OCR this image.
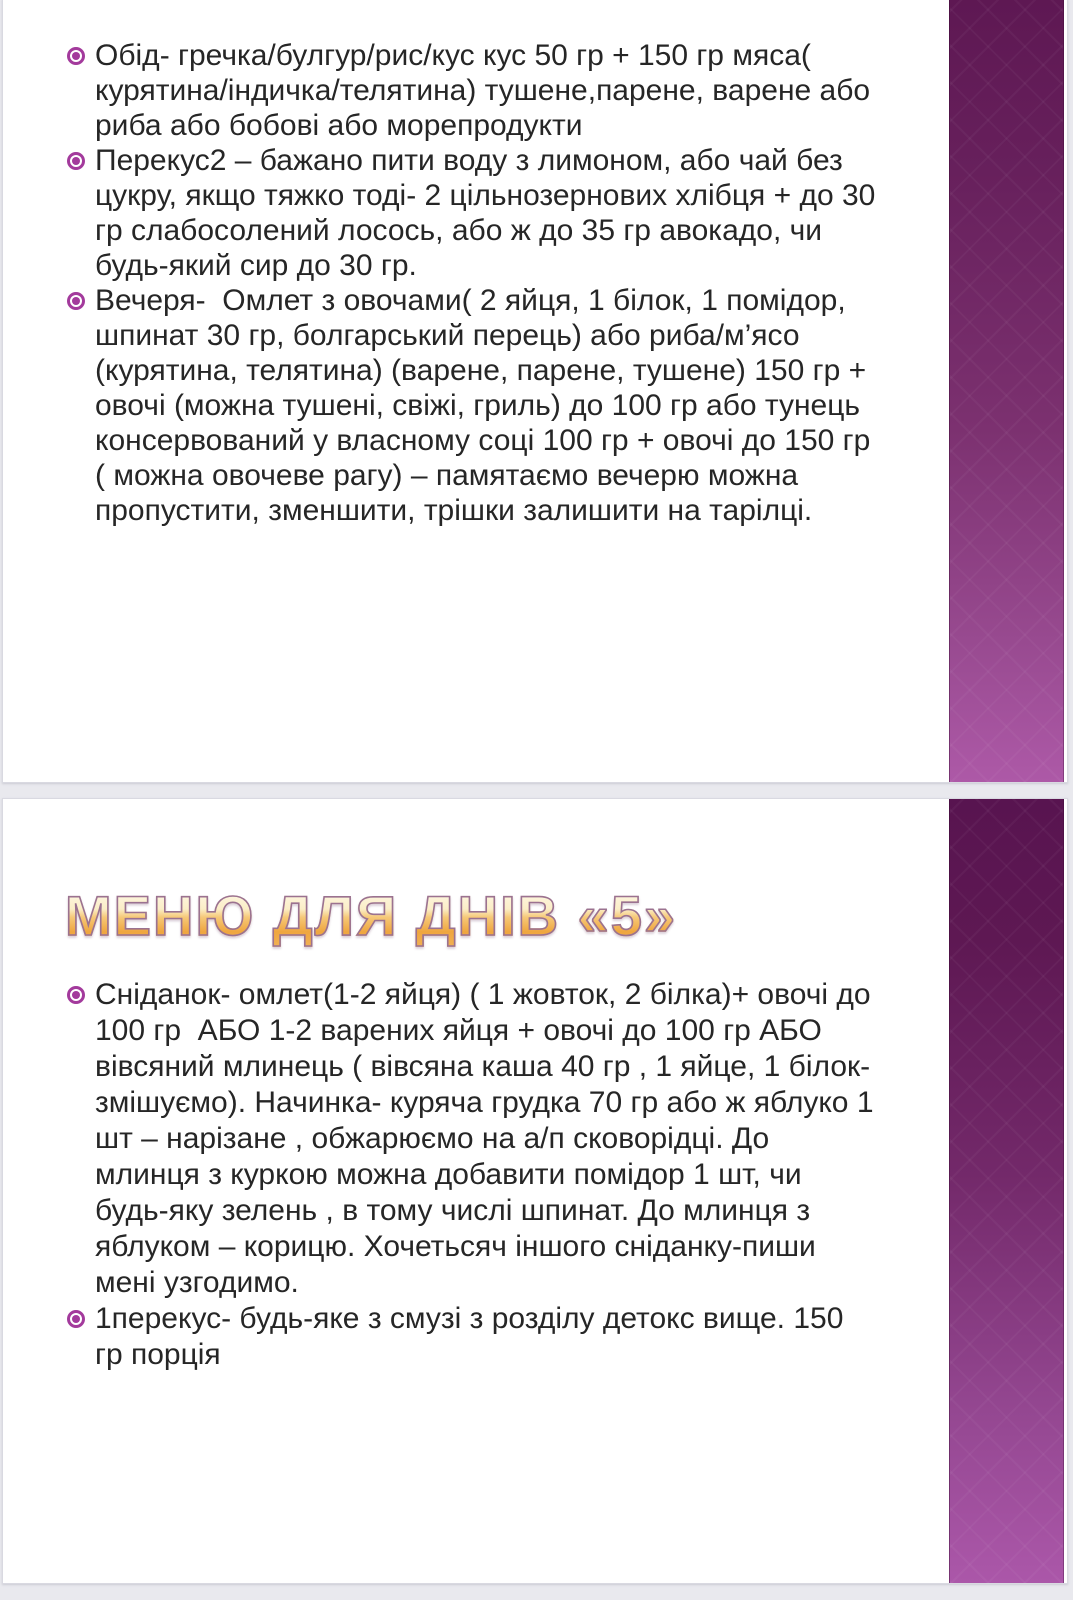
Обід- гречка/булгур/рис/кус кус 50 гр + 150 гр мяса( курятина/індичка/телятина) тушене,парене, варене або риба або бобові або морепродукти
Перекус2 – бажано пити воду з лимоном, або чай без цукру, якщо тяжко тоді- 2 цільнозернових хлібця + до 30 гр слабосолений лосось, або ж до 35 гр авокадо, чи будь-який сир до 30 гр.
Вечеря-  Омлет з овочами( 2 яйця, 1 білок, 1 помідор, шпинат 30 гр, болгарський перець) або риба/м’ясо (курятина, телятина) (варене, парене, тушене) 150 гр + овочі (можна тушені, свіжі, гриль) до 100 гр або тунець консервований у власному соці 100 гр + овочі до 150 гр ( можна овочеве рагу) – памятаємо вечерю можна пропустити, зменшити, трішки залишити на тарілці.
МЕНЮ ДЛЯ ДНІВ «5»
Сніданок- омлет(1-2 яйця) ( 1 жовток, 2 білка)+ овочі до 100 гр  АБО 1-2 варених яйця + овочі до 100 гр АБО вівсяний млинець ( вівсяна каша 40 гр , 1 яйце, 1 білок- змішуємо). Начинка- куряча грудка 70 гр або ж яблуко 1 шт – нарізане , обжарюємо на а/п сковорідці. До млинця з куркою можна добавити помідор 1 шт, чи будь-яку зелень , в тому числі шпинат. До млинця з яблуком – корицю. Хочетьсяч іншого сніданку-пиши мені узгодимо.
1перекус- будь-яке з смузі з розділу детокс вище. 150 гр порція
